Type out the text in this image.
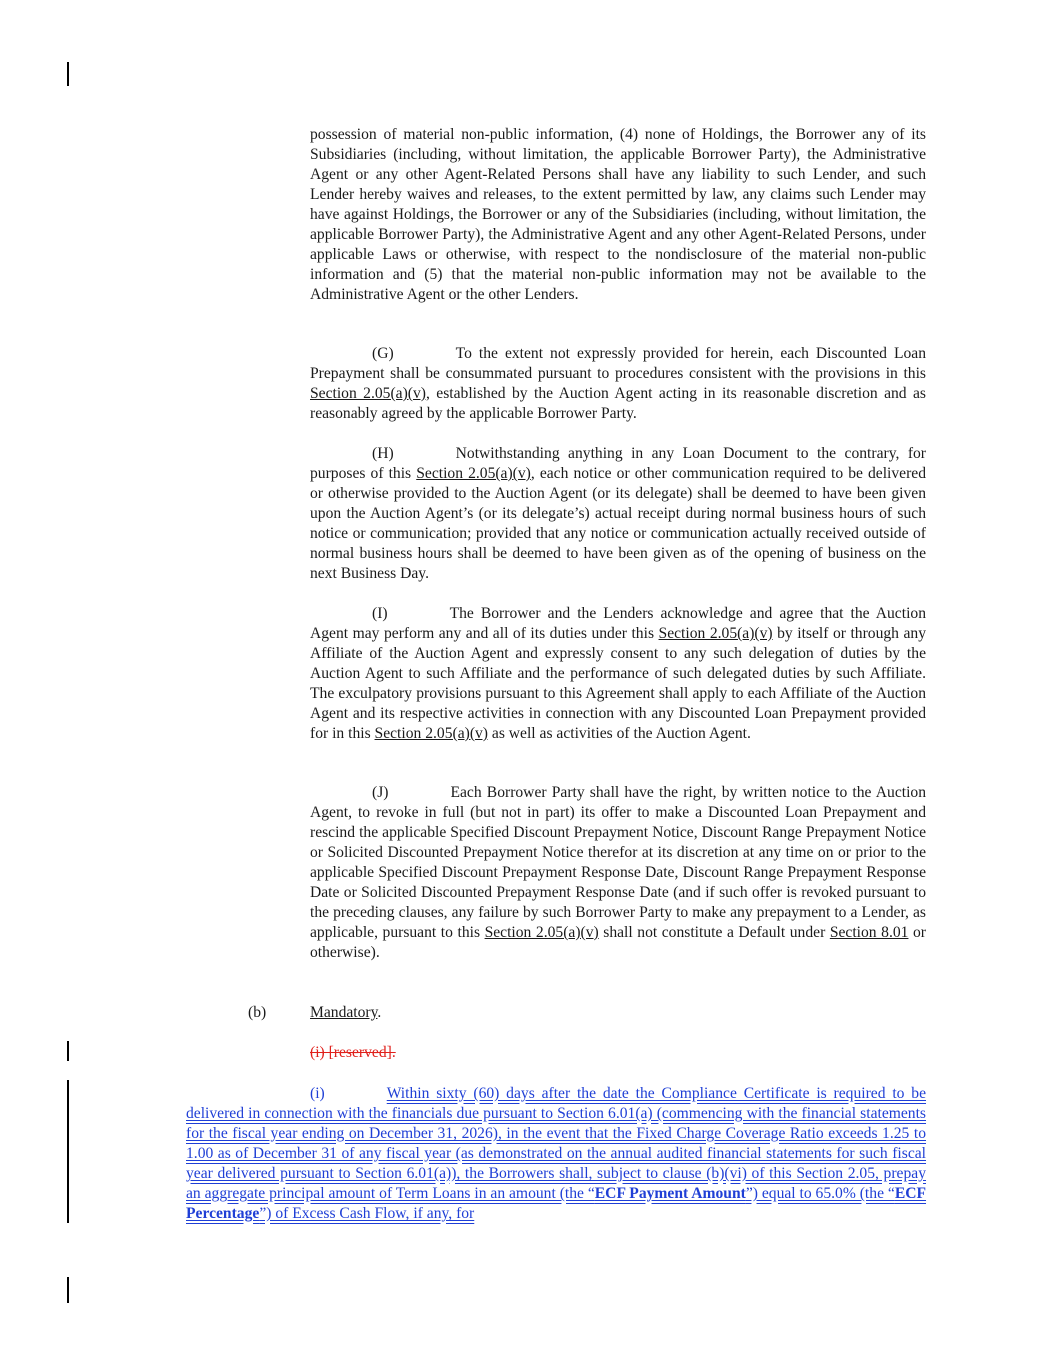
possession of material non-public information, (4) none of Holdings, the Borrower any of its Subsidiaries (including, without limitation, the applicable Borrower Party), the Administrative Agent or any other Agent-Related Persons shall have any liability to such Lender, and such Lender hereby waives and releases, to the extent permitted by law, any claims such Lender may have against Holdings, the Borrower or any of the Subsidiaries (including, without limitation, the applicable Borrower Party), the Administrative Agent and any other Agent-Related Persons, under applicable Laws or otherwise, with respect to the nondisclosure of the material non-public information and (5) that the material non-public information may not be available to the Administrative Agent or the other Lenders.
(G)	To the extent not expressly provided for herein, each Discounted Loan Prepayment shall be consummated pursuant to procedures consistent with the provisions in this Section 2.05(a)(v), established by the Auction Agent acting in its reasonable discretion and as reasonably agreed by the applicable Borrower Party.
(H)	Notwithstanding anything in any Loan Document to the contrary, for purposes of this Section 2.05(a)(v), each notice or other communication required to be delivered or otherwise provided to the Auction Agent (or its delegate) shall be deemed to have been given upon the Auction Agent’s (or its delegate’s) actual receipt during normal business hours of such notice or communication; provided that any notice or communication actually received outside of normal business hours shall be deemed to have been given as of the opening of business on the next Business Day.
(I)	The Borrower and the Lenders acknowledge and agree that the Auction Agent may perform any and all of its duties under this Section 2.05(a)(v) by itself or through any Affiliate of the Auction Agent and expressly consent to any such delegation of duties by the Auction Agent to such Affiliate and the performance of such delegated duties by such Affiliate. The exculpatory provisions pursuant to this Agreement shall apply to each Affiliate of the Auction Agent and its respective activities in connection with any Discounted Loan Prepayment provided for in this Section 2.05(a)(v) as well as activities of the Auction Agent.
(J)	Each Borrower Party shall have the right, by written notice to the Auction Agent, to revoke in full (but not in part) its offer to make a Discounted Loan Prepayment and rescind the applicable Specified Discount Prepayment Notice, Discount Range Prepayment Notice or Solicited Discounted Prepayment Notice therefor at its discretion at any time on or prior to the applicable Specified Discount Prepayment Response Date, Discount Range Prepayment Response Date or Solicited Discounted Prepayment Response Date (and if such offer is revoked pursuant to the preceding clauses, any failure by such Borrower Party to make any prepayment to a Lender, as applicable, pursuant to this Section 2.05(a)(v) shall not constitute a Default under Section 8.01 or otherwise).
(b)	Mandatory.
(i) [reserved].
(i)	Within sixty (60) days after the date the Compliance Certificate is required to be delivered in connection with the financials due pursuant to Section 6.01(a) (commencing with the financial statements for the fiscal year ending on December 31, 2026), in the event that the Fixed Charge Coverage Ratio exceeds 1.25 to 1.00 as of December 31 of any fiscal year (as demonstrated on the annual audited financial statements for such fiscal year delivered pursuant to Section 6.01(a)), the Borrowers shall, subject to clause (b)(vi) of this Section 2.05, prepay an aggregate principal amount of Term Loans in an amount (the “ECF Payment Amount”) equal to 65.0% (the “ECF Percentage”) of Excess Cash Flow, if any, for
